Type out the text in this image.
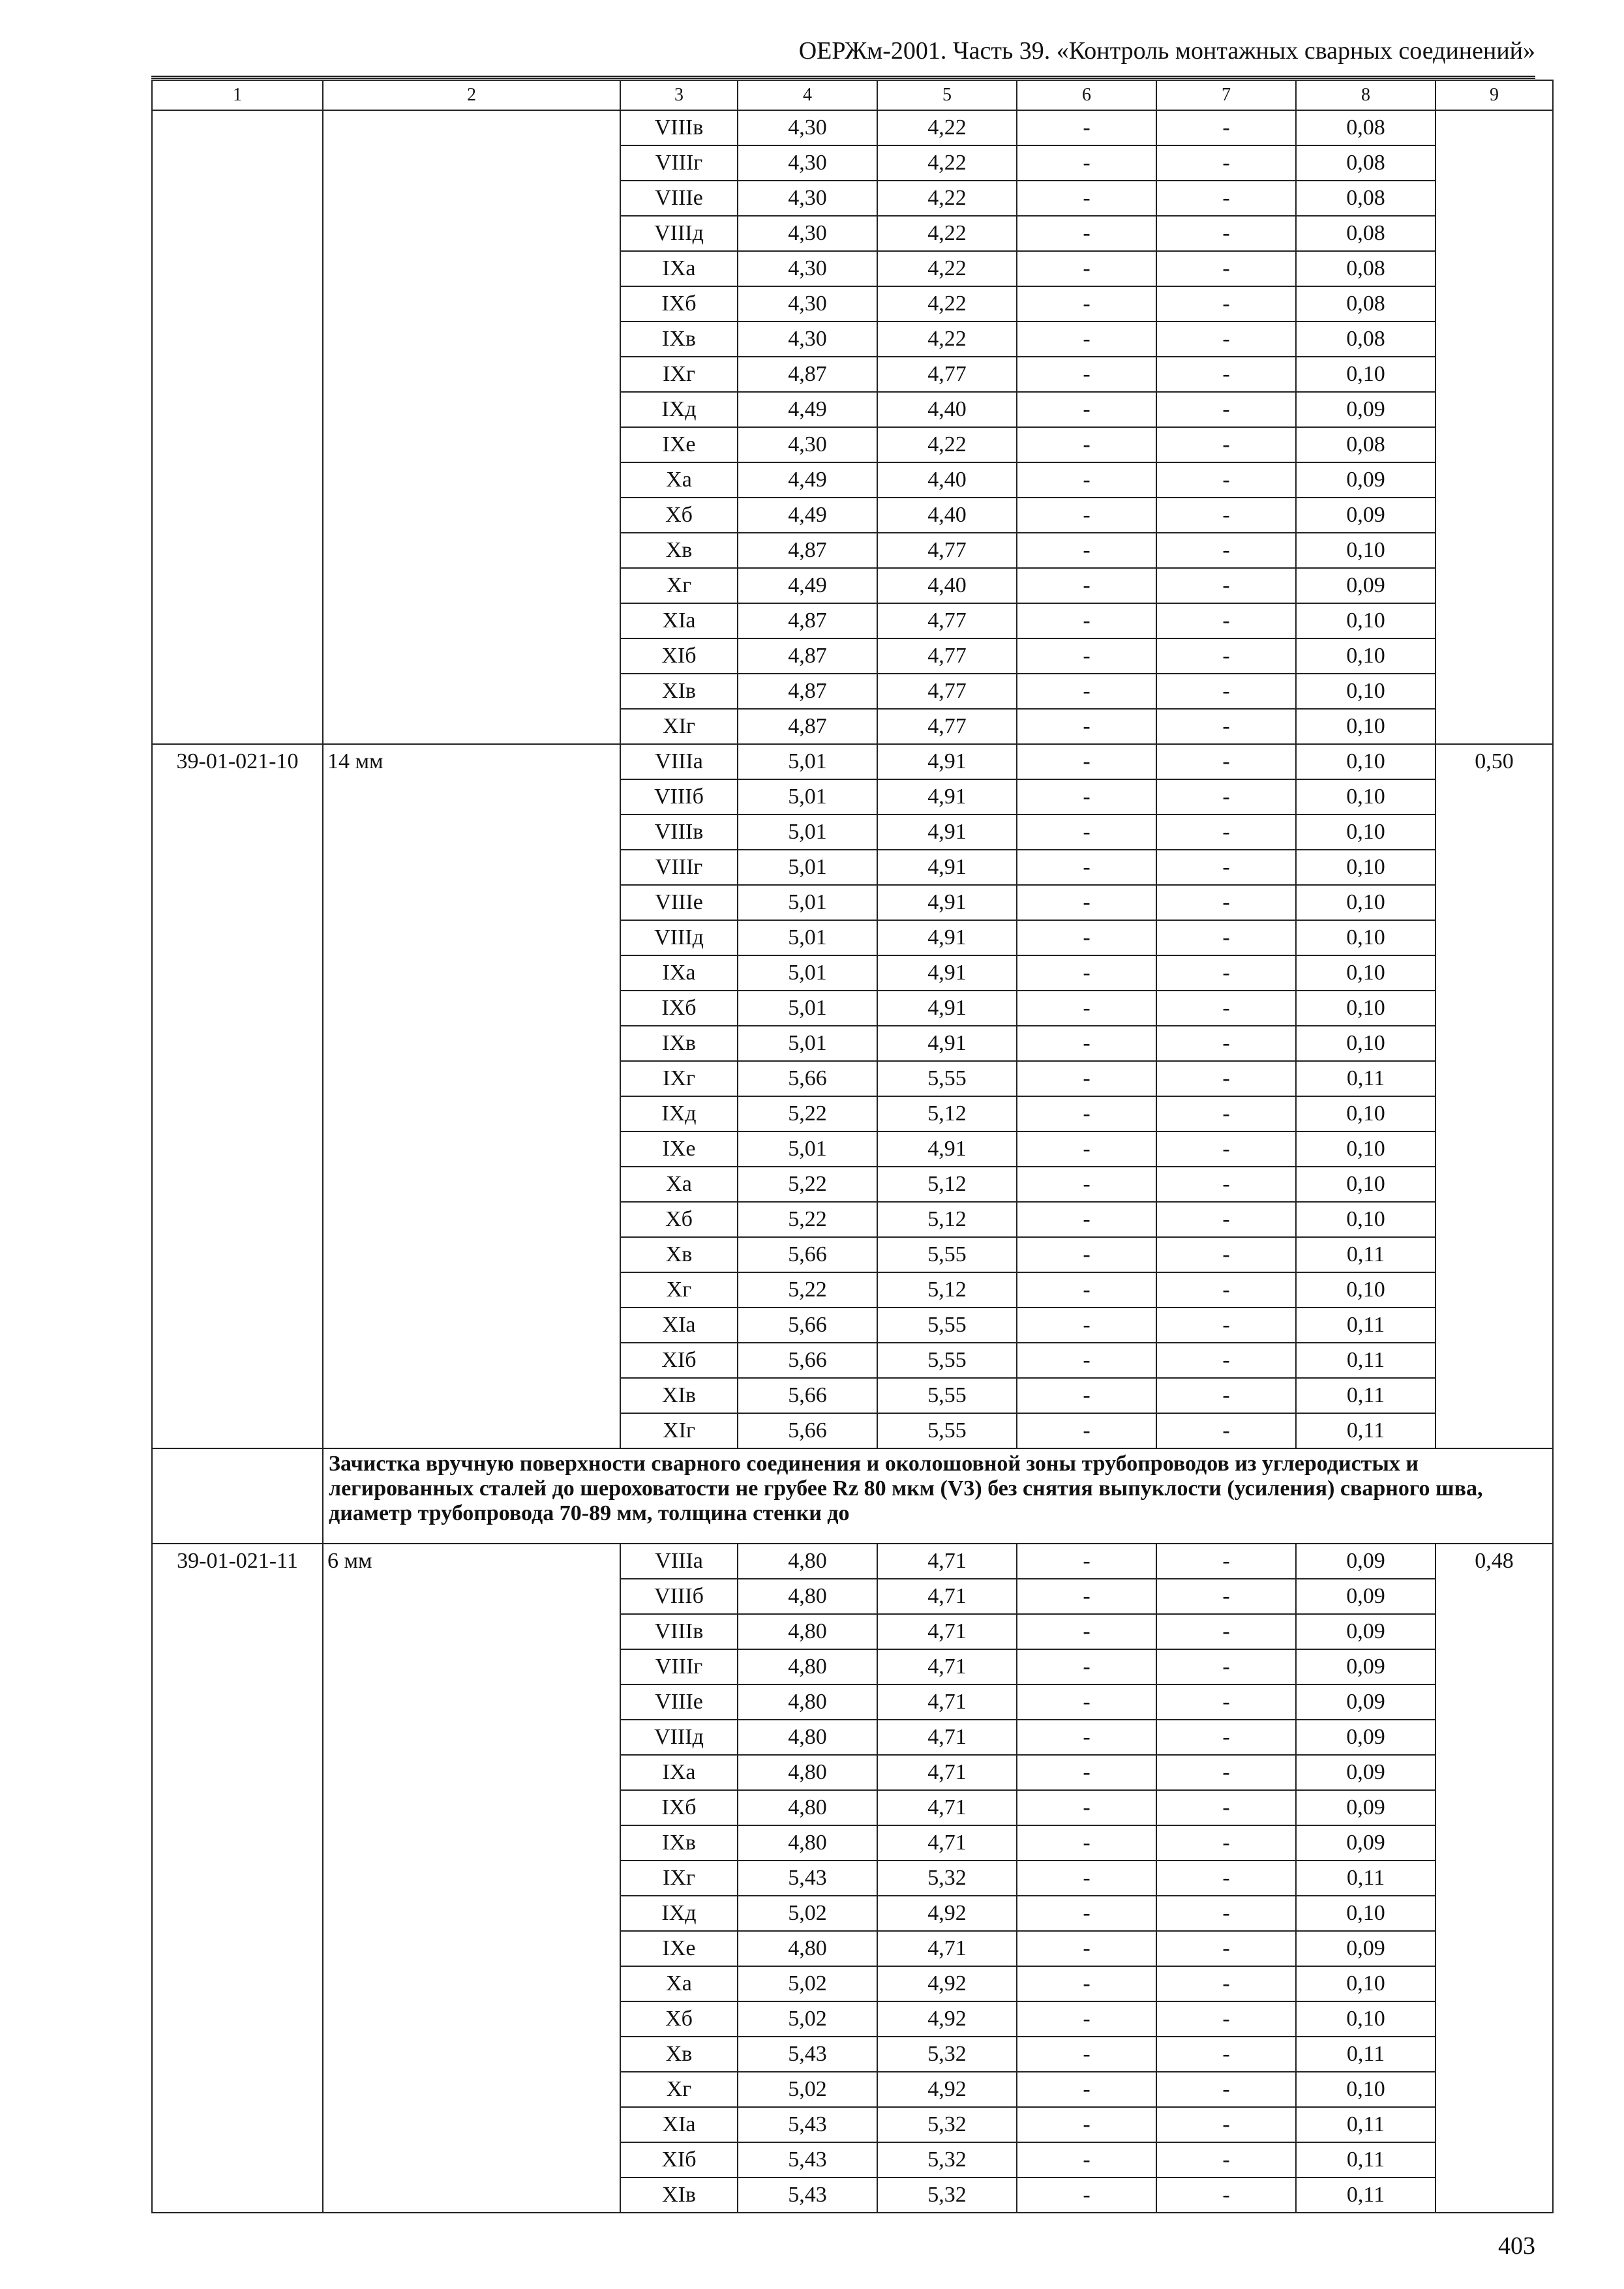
ОЕРЖм-2001. Часть 39. «Контроль монтажных сварных соединений»
1	2	3	4	5	6	7	8	9
		VIIIв	4,30	4,22	-	-	0,08	
		VIIIг	4,30	4,22	-	-	0,08	
		VIIIе	4,30	4,22	-	-	0,08	
		VIIIд	4,30	4,22	-	-	0,08	
		IXа	4,30	4,22	-	-	0,08	
		IXб	4,30	4,22	-	-	0,08	
		IXв	4,30	4,22	-	-	0,08	
		IXг	4,87	4,77	-	-	0,10	
		IXд	4,49	4,40	-	-	0,09	
		IXе	4,30	4,22	-	-	0,08	
		Xа	4,49	4,40	-	-	0,09	
		Xб	4,49	4,40	-	-	0,09	
		Xв	4,87	4,77	-	-	0,10	
		Xг	4,49	4,40	-	-	0,09	
		XIа	4,87	4,77	-	-	0,10	
		XIб	4,87	4,77	-	-	0,10	
		XIв	4,87	4,77	-	-	0,10	
		XIг	4,87	4,77	-	-	0,10	
39-01-021-10	14 мм	VIIIа	5,01	4,91	-	-	0,10	0,50
		VIIIб	5,01	4,91	-	-	0,10	
		VIIIв	5,01	4,91	-	-	0,10	
		VIIIг	5,01	4,91	-	-	0,10	
		VIIIе	5,01	4,91	-	-	0,10	
		VIIIд	5,01	4,91	-	-	0,10	
		IXа	5,01	4,91	-	-	0,10	
		IXб	5,01	4,91	-	-	0,10	
		IXв	5,01	4,91	-	-	0,10	
		IXг	5,66	5,55	-	-	0,11	
		IXд	5,22	5,12	-	-	0,10	
		IXе	5,01	4,91	-	-	0,10	
		Xа	5,22	5,12	-	-	0,10	
		Xб	5,22	5,12	-	-	0,10	
		Xв	5,66	5,55	-	-	0,11	
		Xг	5,22	5,12	-	-	0,10	
		XIа	5,66	5,55	-	-	0,11	
		XIб	5,66	5,55	-	-	0,11	
		XIв	5,66	5,55	-	-	0,11	
		XIг	5,66	5,55	-	-	0,11	
	Зачистка вручную поверхности сварного соединения и околошовной зоны трубопроводов из углеродистых и легированных сталей до шероховатости не грубее Rz 80 мкм (V3) без снятия выпуклости (усиления) сварного шва, диаметр трубопровода 70-89 мм, толщина стенки до							
39-01-021-11	6 мм	VIIIа	4,80	4,71	-	-	0,09	0,48
		VIIIб	4,80	4,71	-	-	0,09	
		VIIIв	4,80	4,71	-	-	0,09	
		VIIIг	4,80	4,71	-	-	0,09	
		VIIIе	4,80	4,71	-	-	0,09	
		VIIIд	4,80	4,71	-	-	0,09	
		IXа	4,80	4,71	-	-	0,09	
		IXб	4,80	4,71	-	-	0,09	
		IXв	4,80	4,71	-	-	0,09	
		IXг	5,43	5,32	-	-	0,11	
		IXд	5,02	4,92	-	-	0,10	
		IXе	4,80	4,71	-	-	0,09	
		Xа	5,02	4,92	-	-	0,10	
		Xб	5,02	4,92	-	-	0,10	
		Xв	5,43	5,32	-	-	0,11	
		Xг	5,02	4,92	-	-	0,10	
		XIа	5,43	5,32	-	-	0,11	
		XIб	5,43	5,32	-	-	0,11	
		XIв	5,43	5,32	-	-	0,11	
403
